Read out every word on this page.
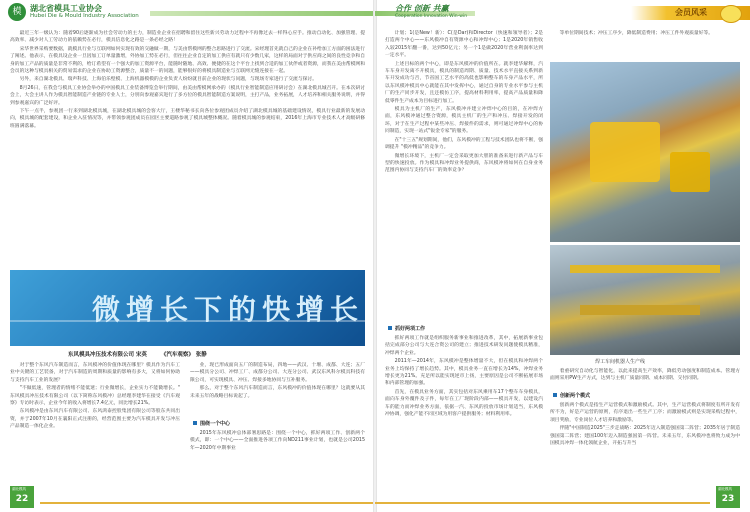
模	湖北省模具工业协会
Hubei Die & Mould Industry Association

最近三年一级认为：随着90后逐渐成为社会劳动力的主力，制造业企业在招聘和留住这些新兴劳动力过程中不再像过去一样得心应手。推动自动化、加强管理、提高效率、减少对人工劳动力的依赖势在必行，模具信息化之路是一条必经之路！

宋华世界采购要数据，就模具行业与互联网如何实现有效的交融做一期，与美由帮模网的整合思路进行了交流。宋经理首先就自己的企业在补给加工方面的困法进行了阐述。他表示，在模具设企业一旦因加工订单量激增，外协加工势在必行，但往往企业自定的加工供应有就只有少数几家，这样的局面对于供应商之间的良性竞争和自身的加工产品的质量是非常不利的，给订希望有一个强大的加工资源平台，能随时随地、高效、便捷的在这个平台上找到合适的加工伙伴或者资源，而我在美由帮模网和会员的这种与模具相关的贸易需求的企业在协助工资源整合，质量不一的问题，能够很好的将模具制造业与互联网无缝连接在一起。

另外，来自湖北模具、瑞声科技、上海伯乐壁模、上海机器模模的企业负责人纷纷就目前企业的现状与问题，与现场专家进行了交流与探讨。

8月26日，在我会与模具工业协会举办的中国模具工业装备博览会举行期间，由美由帮模网承办的（模具行业智能制造应用研讨会）在湖北模具城召开。在本次研讨会上，大会主讲人作为模具智能制造产业链的专业人士，分别向参观嘉宾进行了多方位的模具智能制造方案说明，主打产品，业务拓展，人才培养和相关服务说明，并得到参观嘉宾的广泛好评。

下午一点半，参观团一行来到湖北模具城，在湖北模具城的会客大厅，王楼华秘书长向各位参观团成员介绍了湖北模具城的基础建设情况，模具行业最新的发展动向，模具城的配套建设，和企业入驻情况等，并带领参观团成员在园区主要道路参观了模具城整体概况。随着模具城的参观结束，2016年上海市专业技术人才高级研修班圆满落幕。

微增长下的快增长
东风模具冲压技术有限公司 宋英	《汽车观察》 张静

对于整个东风汽车制造而言，东风模冲的价值体现在哪里？模具作为汽车工业中关键的工艺装备，对于汽车制造的周期和质量的影响有多大，又将如何协助与支持汽车工业的发展？

"不做低速，管理者的情绪不能低迷；行业微增长，企业实力不能微增长。" 东风模具冲压技术有限公司（以下简称东风模冲）总经理李建华在接受《汽车观察》专访时表示，企业今年的收入将增长7.4亿元，同比增长21%。

东风模冲是由东风汽车有限公司、东风鸿泰控股集团有限公司等股东共同出资，并于2007年10月在襄阳正式注册的，经营范围主要为汽车模具开发与冲压产品制造一体化企业。

业，现已形成面向五厂的制造布局，四地——武汉、十堰、成都、大连；五厂——模具分公司、冲焊工厂、成都分公司、大连分公司、武汉东风科尔模具科技有限公司，可实现模具、冲压、焊接多地协同与互补服务。

那么，对于整个东风汽车制造而言，东风模冲的价值体现在哪里？这就要从其未来五年的战略目标说起了。

围绕一个中心

2015年东风模冲总体部署思路是：围绕一个中心，抓好两项工作、创新两个模式，即：一个中心——全面推进各项工作向ND211事业计划，也就是公司2015年—2020年中期事业

22
湖北模具
合作 创新 共赢
Cooperation Innovation Win-win	会员风采

计划；1(是New！新）：C(是Dar)和Director（快速和领导者）；2是打造两个中心——东风模冲自有资源中心和冲焊中心；1是2020年销售收入较2015年翻一番，达到50亿元；另一个1是做2020年营业利润率达到一定水平。

上述目标的两个中心，即是东风模冲的价值所在。就李建华解释，汽车车身开发离不开模具，模具的制造周期、质量、技术水平直接关系到新车开发成功与否，节省国工艺水平的高低也影响整车的车身产品水平，所以东风模冲模具中心就能在其中发挥中心，通过自身的专业水平参与主机厂的生产同步开发，且还模仿工序，提高材料利用率，提高产品质量和降低零件生产成本为目标进行加工。

模具为主机厂的生产，东风模冲并建立冲焊中心的目的，在冲焊方面，东风模冲通过整合资源，模具主机厂的生产和冲压、焊接开发的闭环，对于在生产过程中某些冲压、焊接件的需求，则可通过冲焊中心的协同制造，实现一站式"钣金专家"的服务。

在"十三五"规划期间，他们，东风模冲的工程与技术团队也将不断，强调提升 "模冲精品"的竞争力。

微增长环境下，主机厂一定会采取更加大胆的准备来进行新产品与车型的快速投放。作为模具和冲焊业务提供商，东风模冲将如何在自身业务范围内协同与支持汽车厂的效率竞争？

抓好两项工作

抓好两项工作就是组织服务新事业和推进改革，其中，拓展新事业包括完成部分公司与大连合资公司的建立；推进技术研发问题使模具精准，冲焊两个企业。

2011年—2014年，东风模冲是整体增量不大，但在模具和冲焊两个业务上均保持了增长趋势。其中，模具业务一直在增长为14%，冲焊业务增长更为21%。充足所以能实现逆市上扬，主要原因是公司不断拓展市场和内部管理的加强。

首先，在模具业务方面，其实包括对东风乘用车17个整车车身模具，面向车身外覆件及子件，每年在工厂现阶段内部——模具开发，以建设汽车的能力而冲焊业务方面，依据一汽、东风的投放市场计划适当，东风模冲协调，强化产能不同区域为用客户提供服务；材料利用率。

等单位期间技术；冲压工序少，降低制造费用；冲压工件外观质量好等。

焊工车间机器人生产线

着重研究自动化与智能化，以此来提高生产效率，降低劳动强度和制造成本。管理方面则采用PW生产方式，达到与主机厂质量同期、成本同期、交付同期。

创新两个模式

创新两个模式是指生产运营模式和激励模式。其中，生产运营模式将制度有所开发有所不为，好是产运营的原则，有序退出一些生产工序；而激励模式则是实现采购过程中，项目奖励，专业岗位人才培养和激励等。

伴随"中国制造2025"三步走战略：2025年迈入制造强国第二阵营；2035年居于制造强国第二阵营；建国100年迈入制造强国第一阵营。未来五年，东风模冲也将致力成为中国模具冲焊一体化领航企业，开拓与升当

23
湖北模具
